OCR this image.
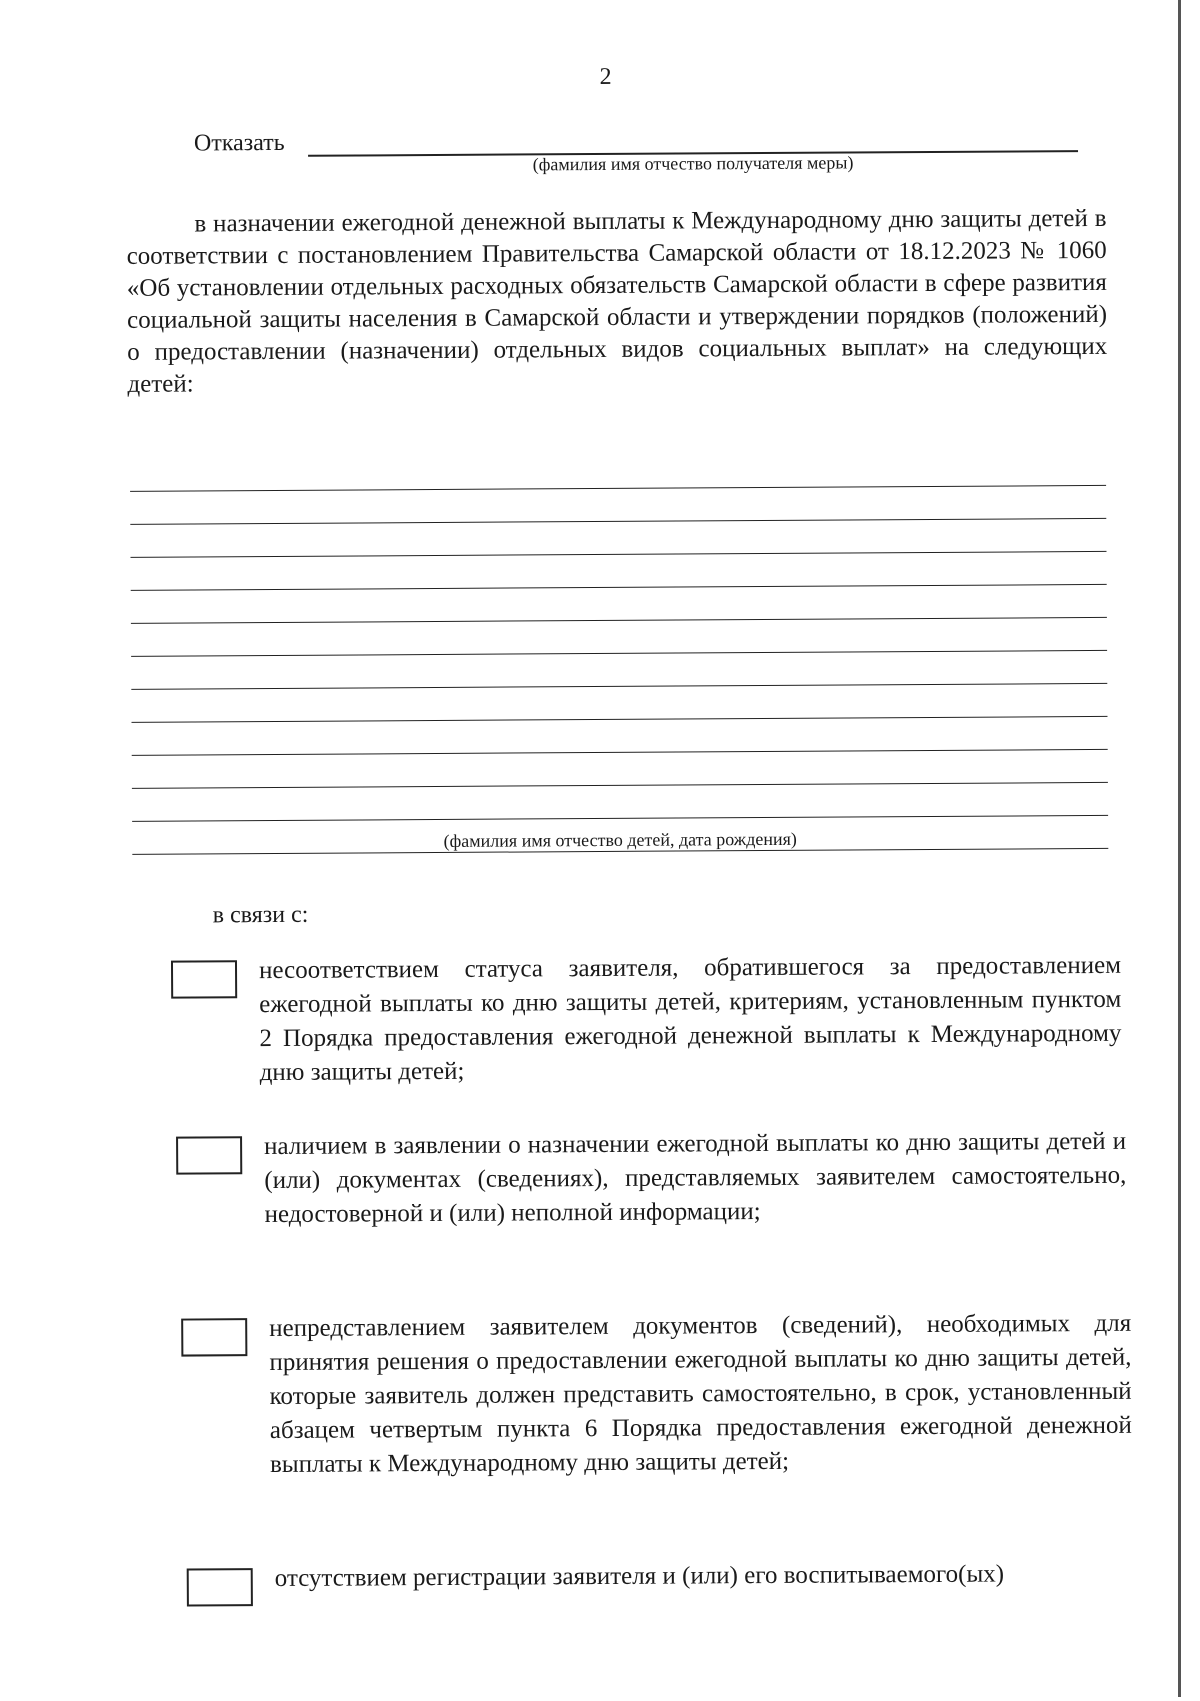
2
Отказать
(фамилия имя отчество получателя меры)
в назначении ежегодной денежной выплаты к Международному дню защиты детей в соответствии с постановлением Правительства Самарской области от 18.12.2023 № 1060 «Об установлении отдельных расходных обязательств Самарской области в сфере развития социальной защиты населения в Самарской области и утверждении порядков (положений) о предоставлении (назначении) отдельных видов социальных выплат» на следующих детей:
(фамилия имя отчество детей, дата рождения)
в связи с:
несоответствием статуса заявителя, обратившегося за предоставлением ежегодной выплаты ко дню защиты детей, критериям, установленным пунктом 2 Порядка предоставления ежегодной денежной выплаты к Международному дню защиты детей;
наличием в заявлении о назначении ежегодной выплаты ко дню защиты детей и (или) документах (сведениях), представляемых заявителем самостоятельно, недостоверной и (или) неполной информации;
непредставлением заявителем документов (сведений), необходимых для принятия решения о предоставлении ежегодной выплаты ко дню защиты детей, которые заявитель должен представить самостоятельно, в срок, установленный абзацем четвертым пункта 6 Порядка предоставления ежегодной денежной выплаты к Международному дню защиты детей;
отсутствием регистрации заявителя и (или) его воспитываемого(ых)
